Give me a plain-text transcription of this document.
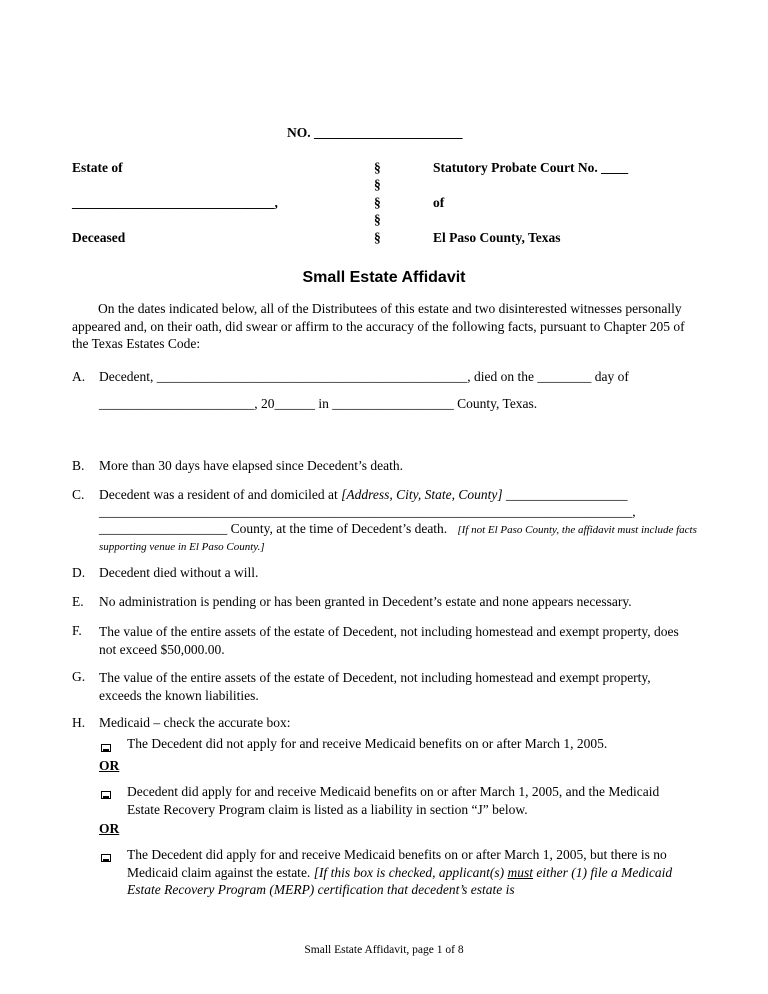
NO. ______________________
Estate of
______________________________,
Deceased
§
§
§
§
§
Statutory Probate Court No. ____
of
El Paso County, Texas
Small Estate Affidavit
On the dates indicated below, all of the Distributees of this estate and two disinterested witnesses personally appeared and, on their oath, did swear or affirm to the accuracy of the following facts, pursuant to Chapter 205 of the Texas Estates Code:
A. Decedent, ______________________________________________, died on the ________ day of
_______________________, 20______ in __________________ County, Texas.
B. More than 30 days have elapsed since Decedent’s death.
C. Decedent was a resident of and domiciled at [Address, City, State, County] __________________
_______________________________________________________________________________,
___________________ County, at the time of Decedent’s death. [If not El Paso County, the affidavit must include facts supporting venue in El Paso County.]
D. Decedent died without a will.
E. No administration is pending or has been granted in Decedent’s estate and none appears necessary.
F. The value of the entire assets of the estate of Decedent, not including homestead and exempt property, does not exceed $50,000.00.
G. The value of the entire assets of the estate of Decedent, not including homestead and exempt property, exceeds the known liabilities.
H. Medicaid – check the accurate box:
The Decedent did not apply for and receive Medicaid benefits on or after March 1, 2005.
OR
Decedent did apply for and receive Medicaid benefits on or after March 1, 2005, and the Medicaid Estate Recovery Program claim is listed as a liability in section “J” below.
OR
The Decedent did apply for and receive Medicaid benefits on or after March 1, 2005, but there is no Medicaid claim against the estate. [If this box is checked, applicant(s) must either (1) file a Medicaid Estate Recovery Program (MERP) certification that decedent’s estate is
Small Estate Affidavit, page 1 of 8
